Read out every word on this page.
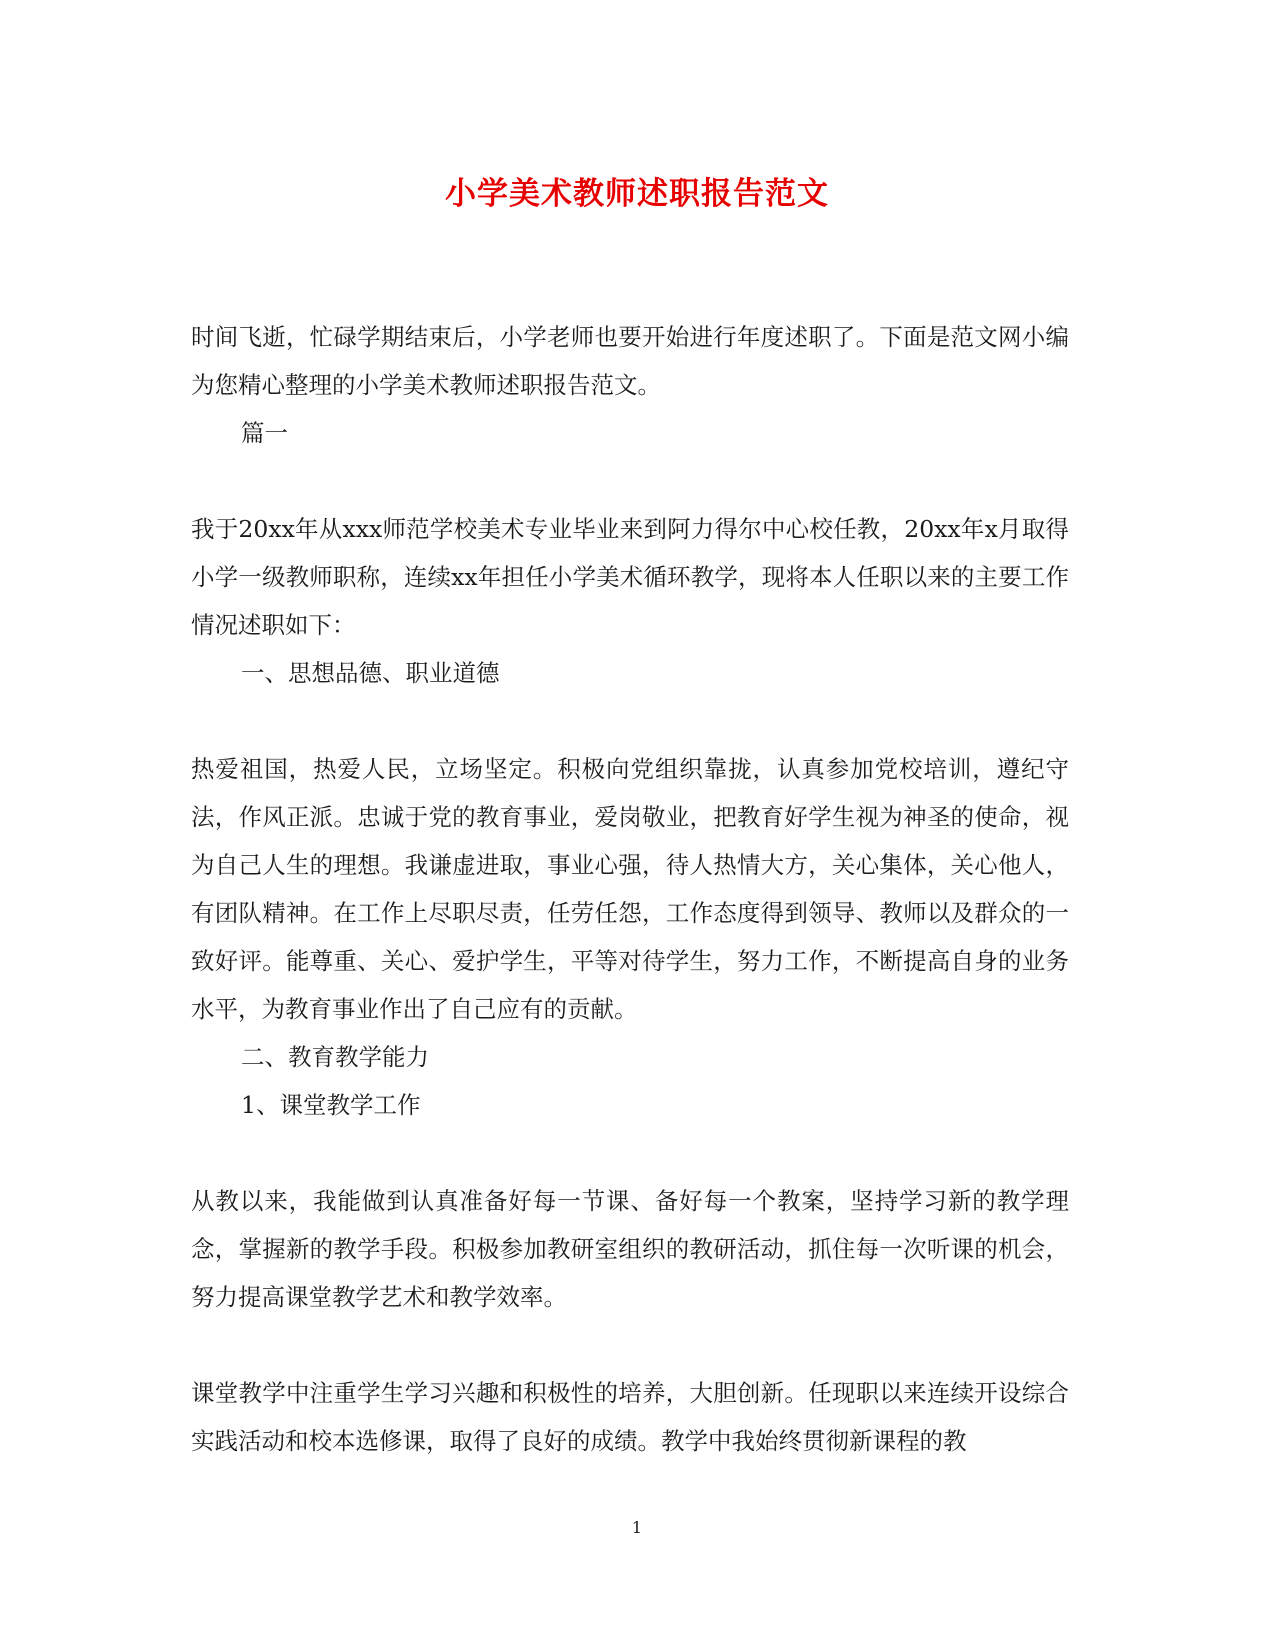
小学美术教师述职报告范文

时间飞逝，忙碌学期结束后，小学老师也要开始进行年度述职了。下面是范文网小编为您精心整理的小学美术教师述职报告范文。

篇一

我于20xx年从xxx师范学校美术专业毕业来到阿力得尔中心校任教，20xx年x月取得小学一级教师职称，连续xx年担任小学美术循环教学，现将本人任职以来的主要工作情况述职如下：

一、思想品德、职业道德

热爱祖国，热爱人民，立场坚定。积极向党组织靠拢，认真参加党校培训，遵纪守法，作风正派。忠诚于党的教育事业，爱岗敬业，把教育好学生视为神圣的使命，视为自己人生的理想。我谦虚进取，事业心强，待人热情大方，关心集体，关心他人，有团队精神。在工作上尽职尽责，任劳任怨，工作态度得到领导、教师以及群众的一致好评。能尊重、关心、爱护学生，平等对待学生，努力工作，不断提高自身的业务水平，为教育事业作出了自己应有的贡献。

二、教育教学能力

1、课堂教学工作

从教以来，我能做到认真准备好每一节课、备好每一个教案，坚持学习新的教学理念，掌握新的教学手段。积极参加教研室组织的教研活动，抓住每一次听课的机会，努力提高课堂教学艺术和教学效率。

课堂教学中注重学生学习兴趣和积极性的培养，大胆创新。任现职以来连续开设综合实践活动和校本选修课，取得了良好的成绩。教学中我始终贯彻新课程的教

1
